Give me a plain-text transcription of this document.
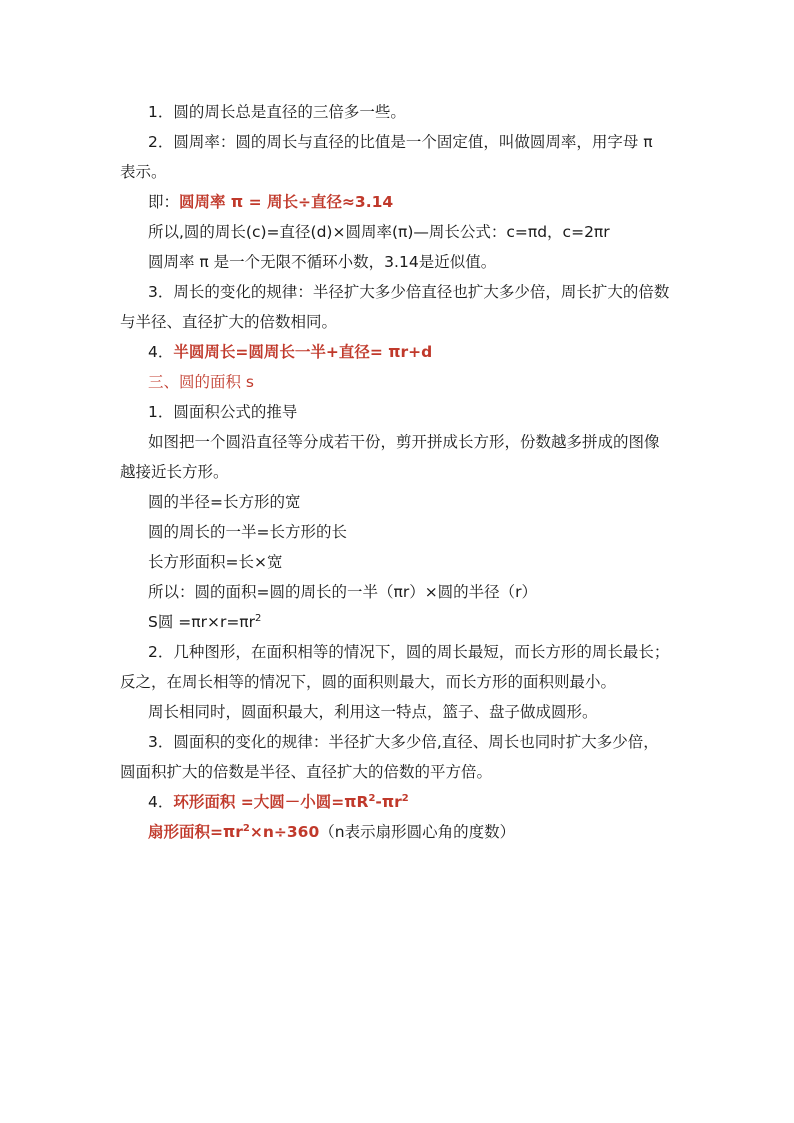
1．圆的周长总是直径的三倍多一些。

2．圆周率：圆的周长与直径的比值是一个固定值，叫做圆周率，用字母 π 表示。

即：圆周率 π = 周长÷直径≈3.14

所以,圆的周长(c)=直径(d)×圆周率(π)—周长公式：c=πd，c=2πr

圆周率 π 是一个无限不循环小数，3.14是近似值。

3．周长的变化的规律：半径扩大多少倍直径也扩大多少倍，周长扩大的倍数与半径、直径扩大的倍数相同。

4．半圆周长=圆周长一半+直径= πr+d

三、圆的面积 s

1．圆面积公式的推导

如图把一个圆沿直径等分成若干份，剪开拼成长方形，份数越多拼成的图像越接近长方形。

圆的半径=长方形的宽

圆的周长的一半=长方形的长

长方形面积=长×宽

所以：圆的面积=圆的周长的一半（πr）×圆的半径（r）

S圆 $=\pi r\times r=\pi r^2$

2．几种图形，在面积相等的情况下，圆的周长最短，而长方形的周长最长；反之，在周长相等的情况下，圆的面积则最大，而长方形的面积则最小。

周长相同时，圆面积最大，利用这一特点，篮子、盘子做成圆形。

3．圆面积的变化的规律：半径扩大多少倍,直径、周长也同时扩大多少倍，圆面积扩大的倍数是半径、直径扩大的倍数的平方倍。

4．环形面积 =大圆－小圆$=\pi R^2-\pi r^2$

扇形面积$=\pi r^2\times n\div 360(n$表示扇形圆心角的度数）
